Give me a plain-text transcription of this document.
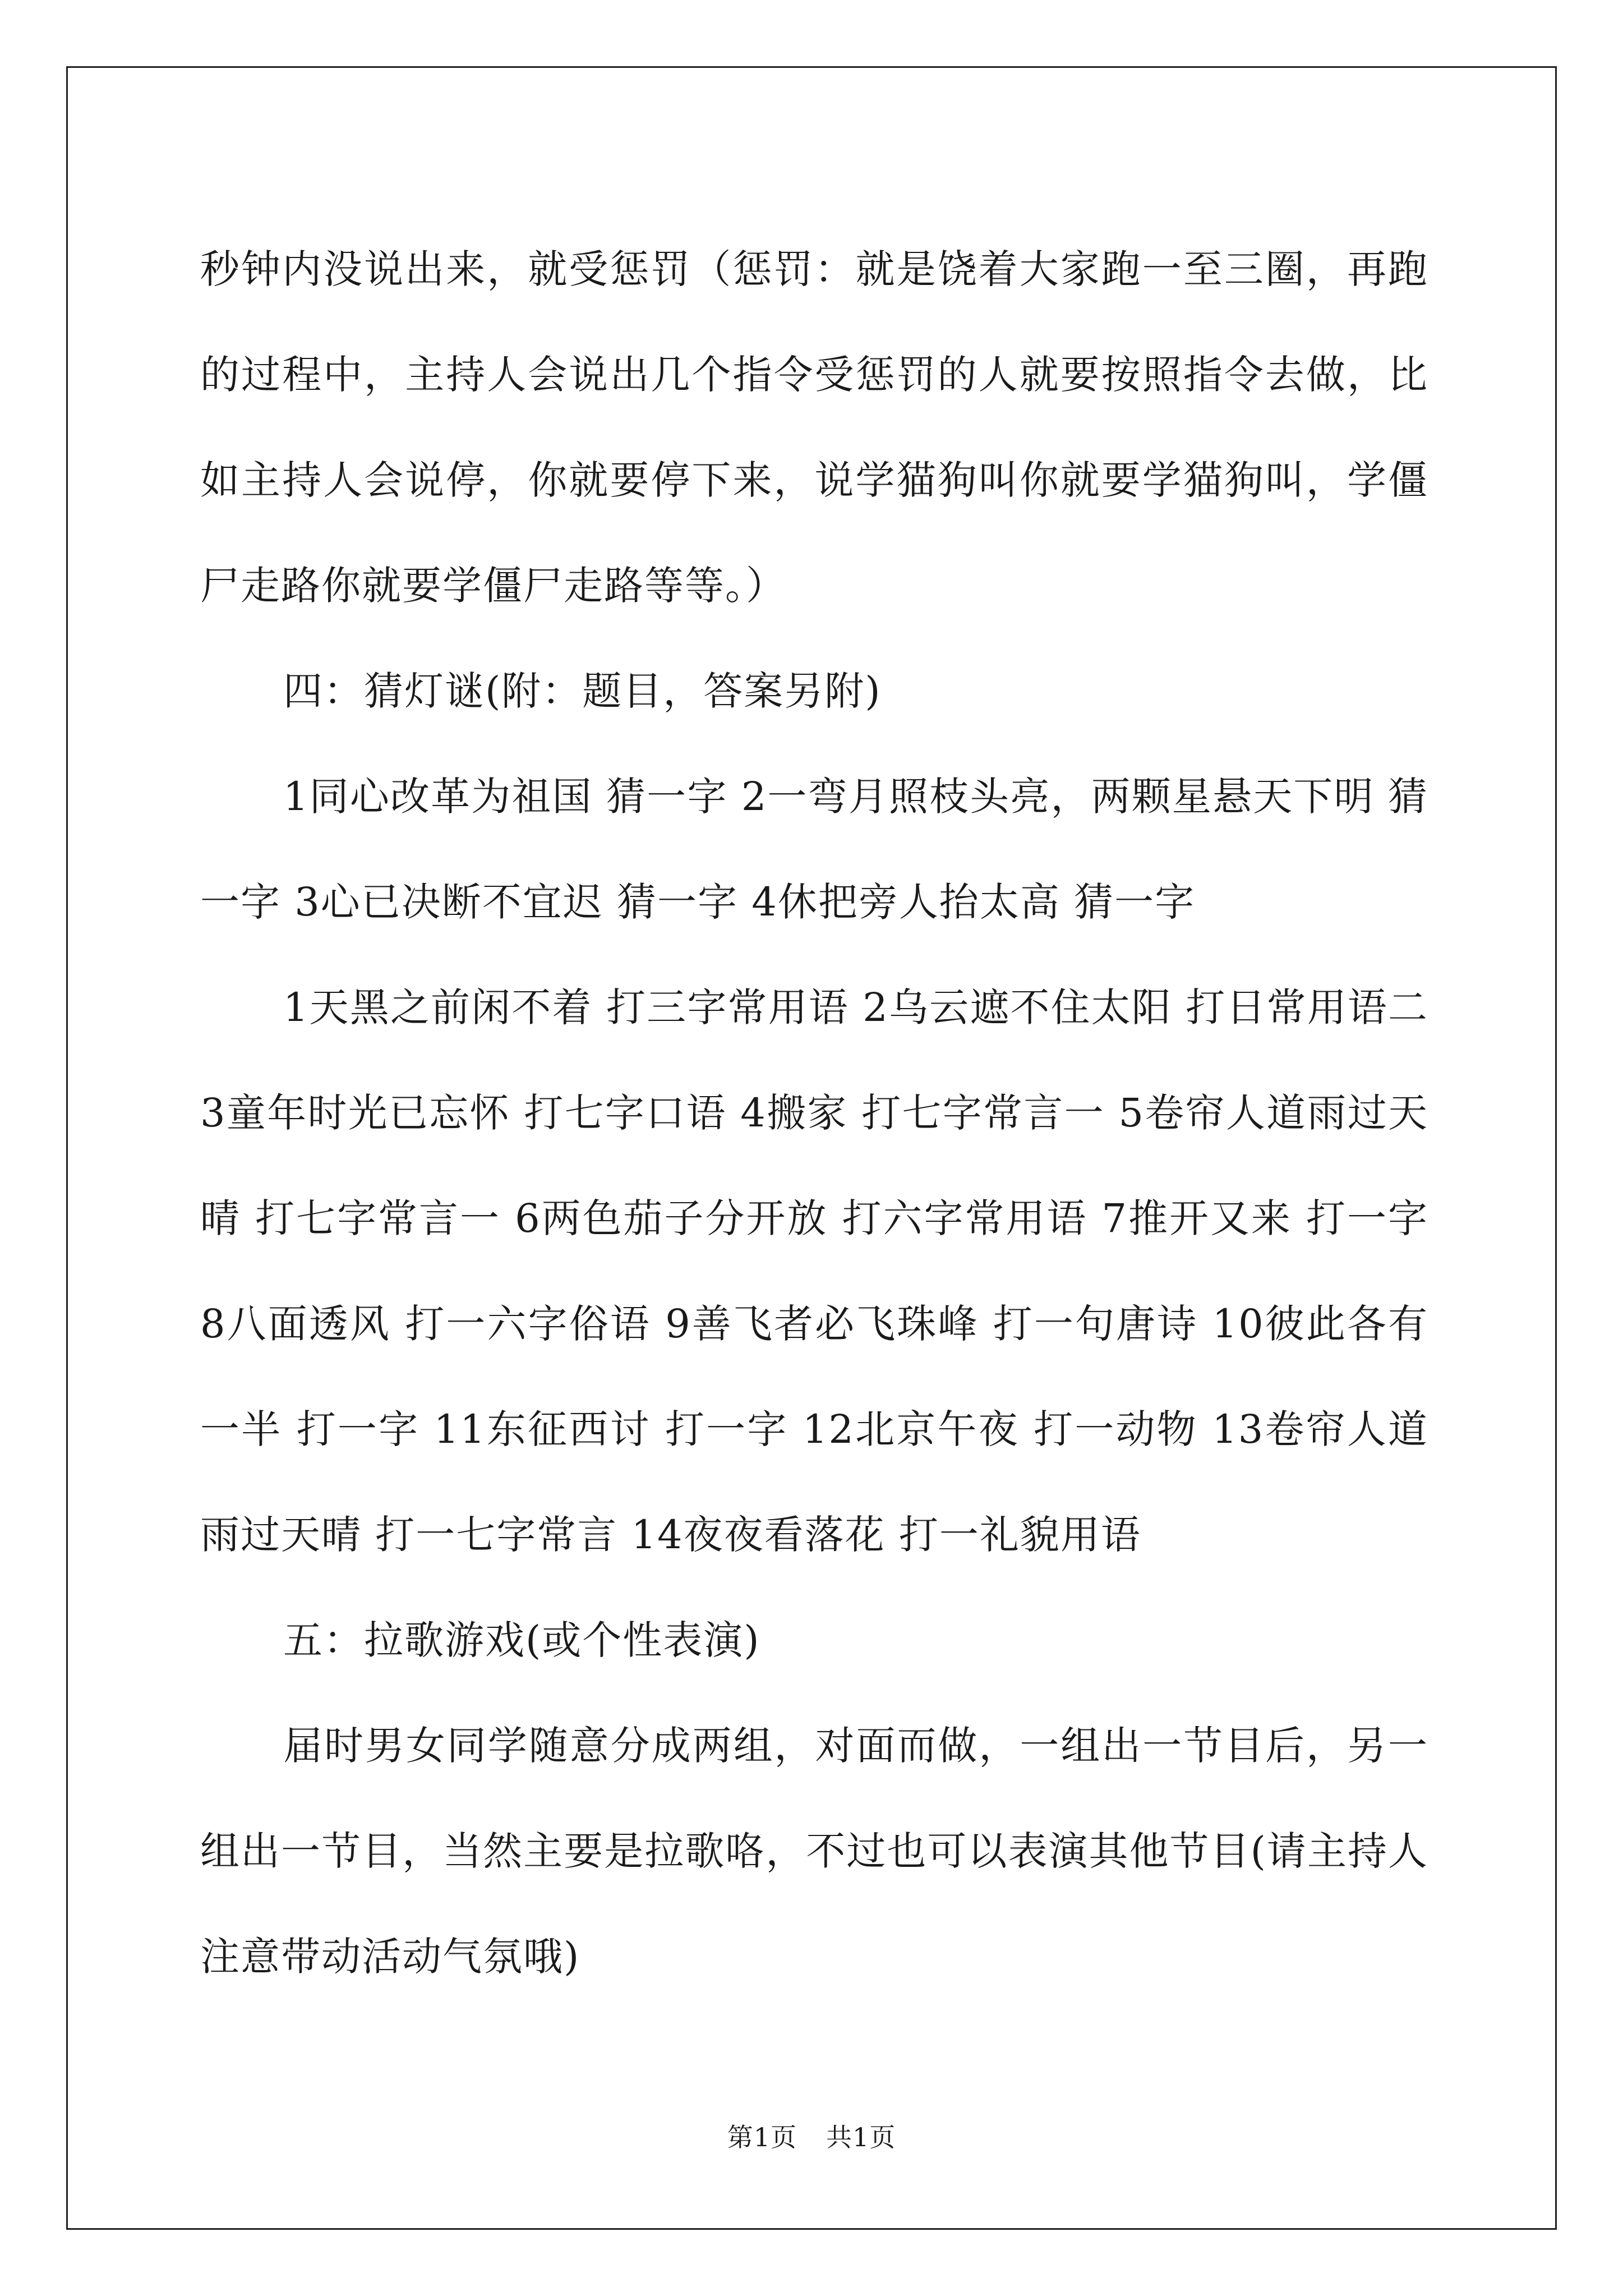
秒钟内没说出来，就受惩罚（惩罚：就是饶着大家跑一至三圈，再跑的过程中，主持人会说出几个指令受惩罚的人就要按照指令去做，比如主持人会说停，你就要停下来，说学猫狗叫你就要学猫狗叫，学僵尸走路你就要学僵尸走路等等。）

四：猜灯谜(附：题目，答案另附)

1同心改革为祖国 猜一字 2一弯月照枝头亮，两颗星悬天下明 猜一字 3心已决断不宜迟 猜一字 4休把旁人抬太高 猜一字

1天黑之前闲不着 打三字常用语 2乌云遮不住太阳 打日常用语二3童年时光已忘怀 打七字口语 4搬家 打七字常言一 5卷帘人道雨过天晴 打七字常言一 6两色茄子分开放 打六字常用语 7推开又来 打一字 8八面透风 打一六字俗语 9善飞者必飞珠峰 打一句唐诗 10彼此各有一半 打一字 11东征西讨 打一字 12北京午夜 打一动物 13卷帘人道雨过天晴 打一七字常言 14夜夜看落花 打一礼貌用语

五：拉歌游戏(或个性表演)

届时男女同学随意分成两组，对面而做，一组出一节目后，另一组出一节目，当然主要是拉歌咯，不过也可以表演其他节目(请主持人注意带动活动气氛哦)

第1页 共1页
